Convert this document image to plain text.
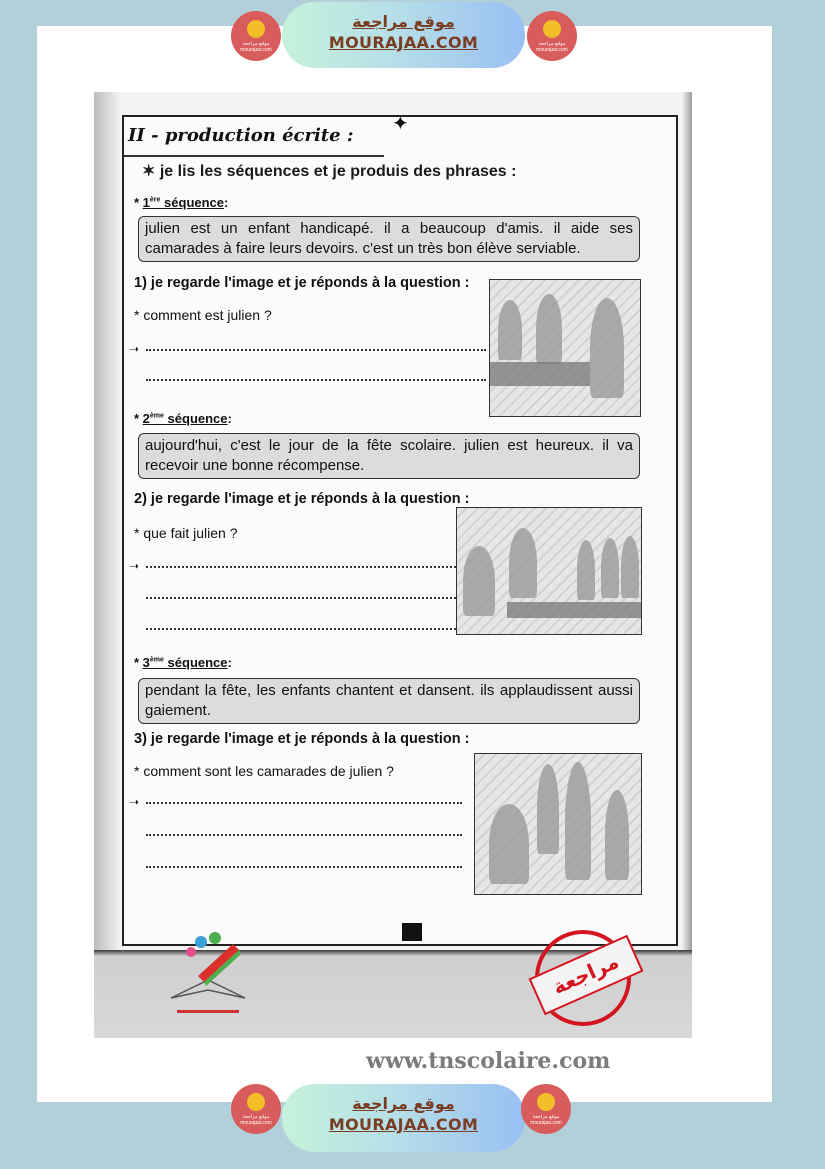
موقع مراجعة mourajaa.com
موقع مراجعة
MOURAJAA.COM	موقع مراجعة mourajaa.com
✦
II - production écrite :
✶ je lis les séquences et je produis des phrases :
* 1ère séquence:
julien est un enfant handicapé. il a beaucoup d'amis. il aide ses camarades à faire leurs devoirs. c'est un très bon élève serviable.
1) je regarde l'image et je réponds à la question :
* comment est julien ?
➝
* 2ème séquence:
aujourd'hui, c'est le jour de la fête scolaire. julien est heureux. il va recevoir une bonne récompense.
2) je regarde l'image et je réponds à la question :
* que fait julien ?
➝
* 3ème séquence:
pendant la fête, les enfants chantent et dansent. ils applaudissent aussi gaiement.
3) je regarde l'image et je réponds à la question :
* comment sont les camarades de julien ?
➝
مراجعة
www.tnscolaire.com
موقع مراجعة mourajaa.com
موقع مراجعة
MOURAJAA.COM	موقع مراجعة mourajaa.com
